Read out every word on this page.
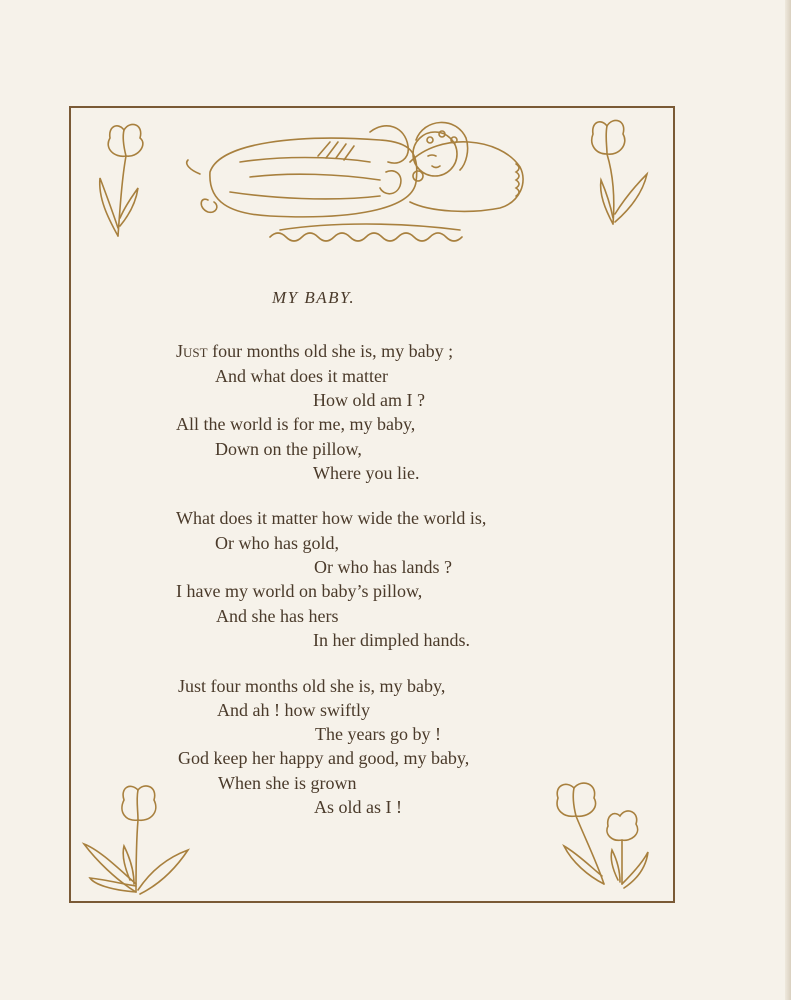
MY BABY.
Just four months old she is, my baby ;
And what does it matter
How old am I ?
All the world is for me, my baby,
Down on the pillow,
Where you lie.
What does it matter how wide the world is,
Or who has gold,
Or who has lands ?
I have my world on baby’s pillow,
And she has hers
In her dimpled hands.
Just four months old she is, my baby,
And ah ! how swiftly
The years go by !
God keep her happy and good, my baby,
When she is grown
As old as I !
